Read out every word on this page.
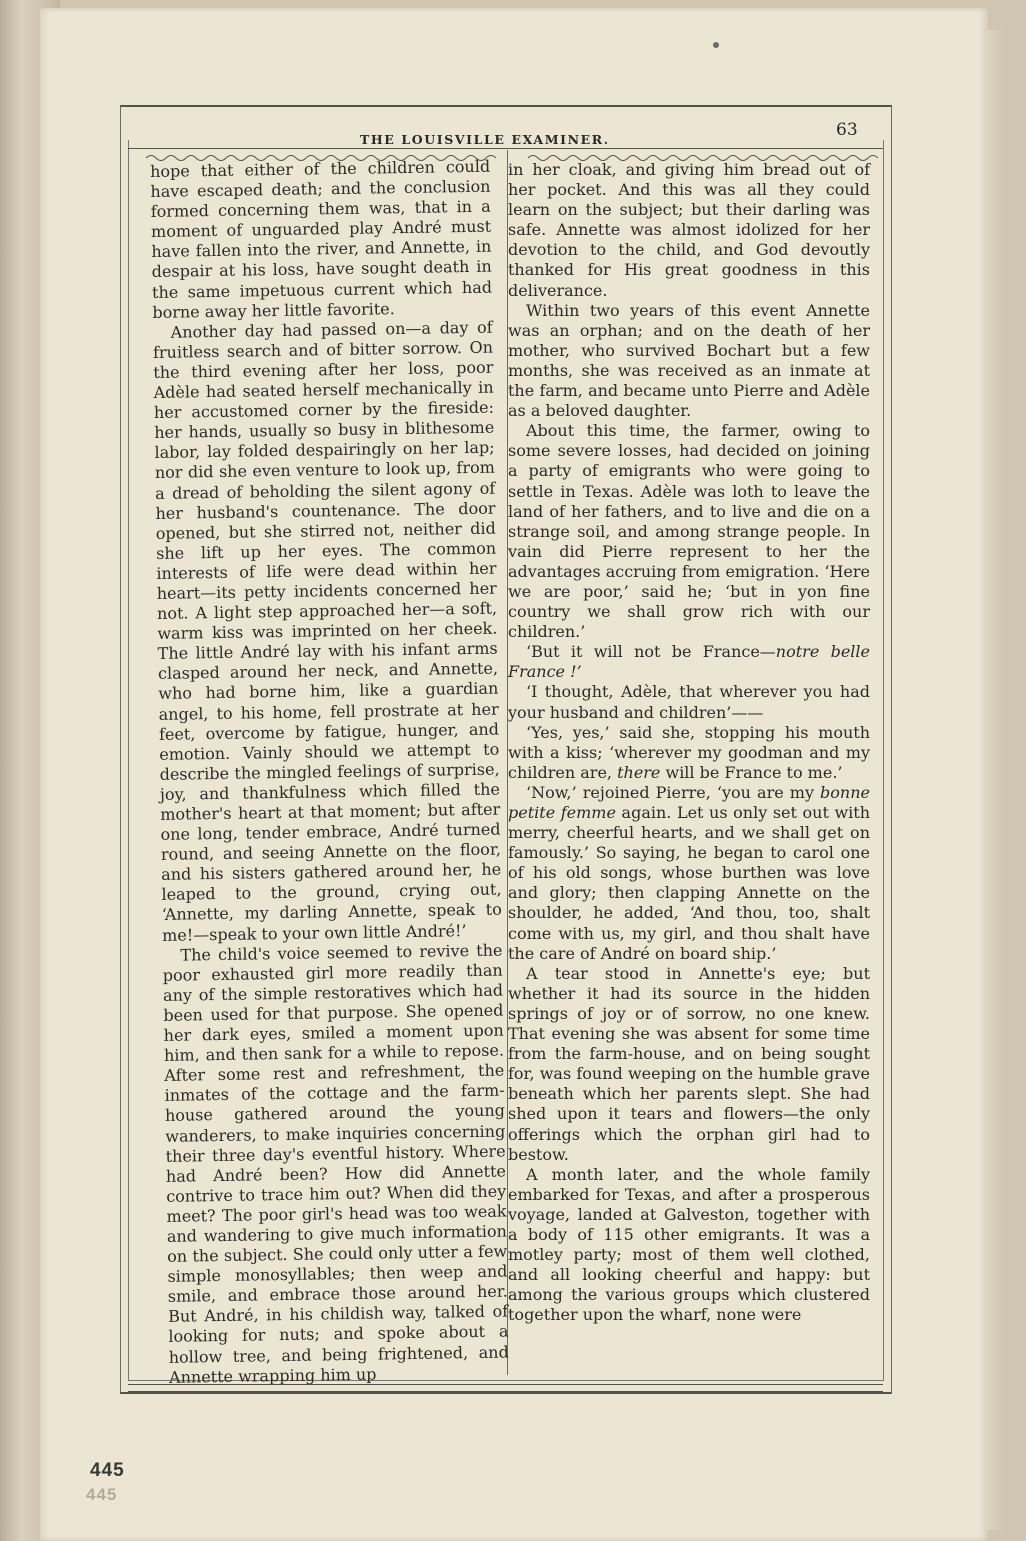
THE LOUISVILLE EXAMINER.	63

hope that either of the children could have escaped death; and the conclusion formed concerning them was, that in a moment of unguarded play André must have fallen into the river, and Annette, in despair at his loss, have sought death in the same impetuous current which had borne away her little favorite.

Another day had passed on—a day of fruitless search and of bitter sorrow. On the third evening after her loss, poor Adèle had seated herself mechanically in her accustomed corner by the fireside: her hands, usually so busy in blithesome labor, lay folded despairingly on her lap; nor did she even venture to look up, from a dread of beholding the silent agony of her husband's countenance. The door opened, but she stirred not, neither did she lift up her eyes. The common interests of life were dead within her heart—its petty incidents concerned her not. A light step approached her—a soft, warm kiss was imprinted on her cheek. The little André lay with his infant arms clasped around her neck, and Annette, who had borne him, like a guardian angel, to his home, fell prostrate at her feet, overcome by fatigue, hunger, and emotion. Vainly should we attempt to describe the mingled feelings of surprise, joy, and thankfulness which filled the mother's heart at that moment; but after one long, tender embrace, André turned round, and seeing Annette on the floor, and his sisters gathered around her, he leaped to the ground, crying out, ‘Annette, my darling Annette, speak to me!—speak to your own little André!’

The child's voice seemed to revive the poor exhausted girl more readily than any of the simple restoratives which had been used for that purpose. She opened her dark eyes, smiled a moment upon him, and then sank for a while to repose. After some rest and refreshment, the inmates of the cottage and the farm-house gathered around the young wanderers, to make inquiries concerning their three day's eventful history. Where had André been? How did Annette contrive to trace him out? When did they meet? The poor girl's head was too weak and wandering to give much information on the subject. She could only utter a few simple monosyllables; then weep and smile, and embrace those around her. But André, in his childish way, talked of looking for nuts; and spoke about a hollow tree, and being frightened, and Annette wrapping him up

in her cloak, and giving him bread out of her pocket. And this was all they could learn on the subject; but their darling was safe. Annette was almost idolized for her devotion to the child, and God devoutly thanked for His great goodness in this deliverance.

Within two years of this event Annette was an orphan; and on the death of her mother, who survived Bochart but a few months, she was received as an inmate at the farm, and became unto Pierre and Adèle as a beloved daughter.

About this time, the farmer, owing to some severe losses, had decided on joining a party of emigrants who were going to settle in Texas. Adèle was loth to leave the land of her fathers, and to live and die on a strange soil, and among strange people. In vain did Pierre represent to her the advantages accruing from emigration. ‘Here we are poor,’ said he; ‘but in yon fine country we shall grow rich with our children.’

‘But it will not be France—notre belle France !’

‘I thought, Adèle, that wherever you had your husband and children’——

‘Yes, yes,’ said she, stopping his mouth with a kiss; ‘wherever my goodman and my children are, there will be France to me.’

‘Now,’ rejoined Pierre, ‘you are my bonne petite femme again. Let us only set out with merry, cheerful hearts, and we shall get on famously.’ So saying, he began to carol one of his old songs, whose burthen was love and glory; then clapping Annette on the shoulder, he added, ‘And thou, too, shalt come with us, my girl, and thou shalt have the care of André on board ship.’

A tear stood in Annette's eye; but whether it had its source in the hidden springs of joy or of sorrow, no one knew. That evening she was absent for some time from the farm-house, and on being sought for, was found weeping on the humble grave beneath which her parents slept. She had shed upon it tears and flowers—the only offerings which the orphan girl had to bestow.

A month later, and the whole family embarked for Texas, and after a prosperous voyage, landed at Galveston, together with a body of 115 other emigrants. It was a motley party; most of them well clothed, and all looking cheerful and happy: but among the various groups which clustered together upon the wharf, none were

445
445
